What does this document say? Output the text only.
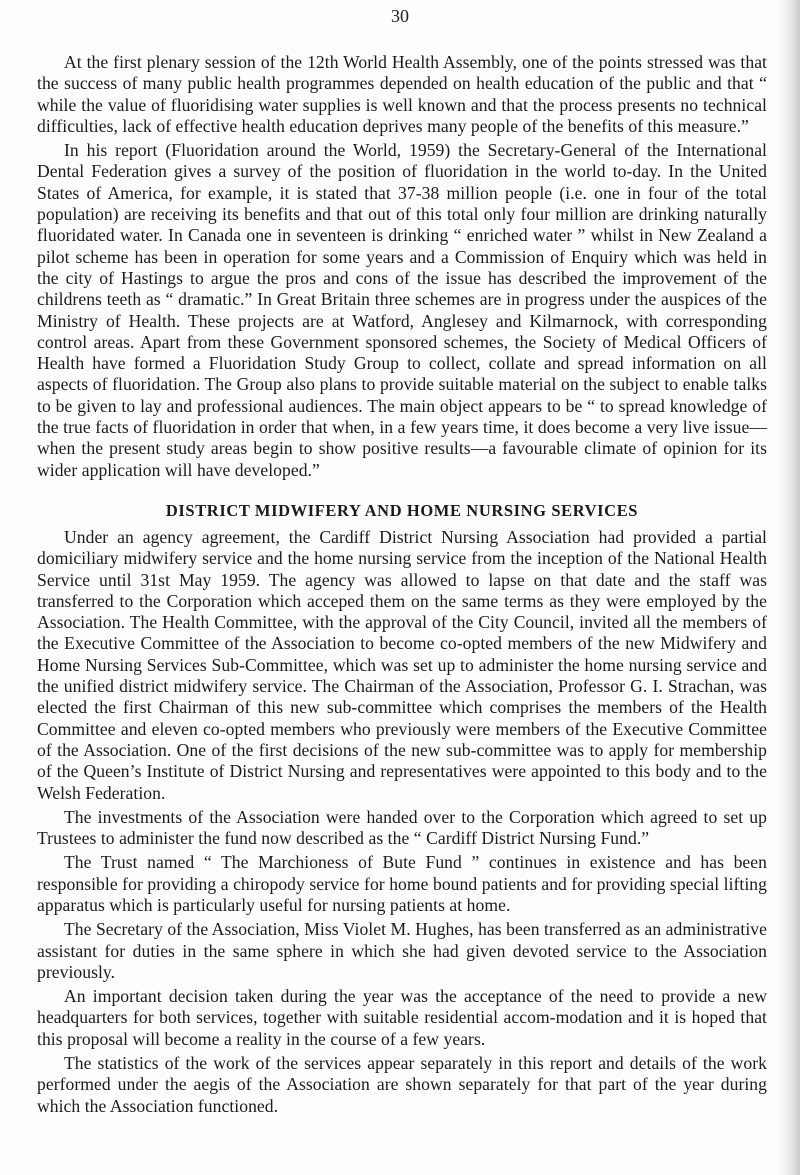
30

At the first plenary session of the 12th World Health Assembly, one of the points stressed was that the success of many public health programmes depended on health education of the public and that “ while the value of fluoridising water supplies is well known and that the process presents no technical difficulties, lack of effective health education deprives many people of the benefits of this measure.”

In his report (Fluoridation around the World, 1959) the Secretary-General of the International Dental Federation gives a survey of the position of fluoridation in the world to-day. In the United States of America, for example, it is stated that 37-38 million people (i.e. one in four of the total population) are receiving its benefits and that out of this total only four million are drinking naturally fluoridated water. In Canada one in seventeen is drinking “ enriched water ” whilst in New Zealand a pilot scheme has been in operation for some years and a Commission of Enquiry which was held in the city of Hastings to argue the pros and cons of the issue has described the improvement of the childrens teeth as “ dramatic.” In Great Britain three schemes are in progress under the auspices of the Ministry of Health. These projects are at Watford, Anglesey and Kilmarnock, with corresponding control areas. Apart from these Government sponsored schemes, the Society of Medical Officers of Health have formed a Fluoridation Study Group to collect, collate and spread information on all aspects of fluoridation. The Group also plans to provide suitable material on the subject to enable talks to be given to lay and professional audiences. The main object appears to be “ to spread knowledge of the true facts of fluoridation in order that when, in a few years time, it does become a very live issue—when the present study areas begin to show positive results—a favourable climate of opinion for its wider application will have developed.”

DISTRICT MIDWIFERY AND HOME NURSING SERVICES

Under an agency agreement, the Cardiff District Nursing Association had provided a partial domiciliary midwifery service and the home nursing service from the inception of the National Health Service until 31st May 1959. The agency was allowed to lapse on that date and the staff was transferred to the Corporation which acceped them on the same terms as they were employed by the Association. The Health Committee, with the approval of the City Council, invited all the members of the Executive Committee of the Association to become co-opted members of the new Midwifery and Home Nursing Services Sub-Committee, which was set up to administer the home nursing service and the unified district midwifery service. The Chairman of the Association, Professor G. I. Strachan, was elected the first Chairman of this new sub-committee which comprises the members of the Health Committee and eleven co-opted members who previously were members of the Executive Committee of the Association. One of the first decisions of the new sub-committee was to apply for membership of the Queen’s Institute of District Nursing and representatives were appointed to this body and to the Welsh Federation.

The investments of the Association were handed over to the Corporation which agreed to set up Trustees to administer the fund now described as the “ Cardiff District Nursing Fund.”

The Trust named “ The Marchioness of Bute Fund ” continues in existence and has been responsible for providing a chiropody service for home bound patients and for providing special lifting apparatus which is particularly useful for nursing patients at home.

The Secretary of the Association, Miss Violet M. Hughes, has been transferred as an administrative assistant for duties in the same sphere in which she had given devoted service to the Association previously.

An important decision taken during the year was the acceptance of the need to provide a new headquarters for both services, together with suitable residential accom-modation and it is hoped that this proposal will become a reality in the course of a few years.

The statistics of the work of the services appear separately in this report and details of the work performed under the aegis of the Association are shown separately for that part of the year during which the Association functioned.
